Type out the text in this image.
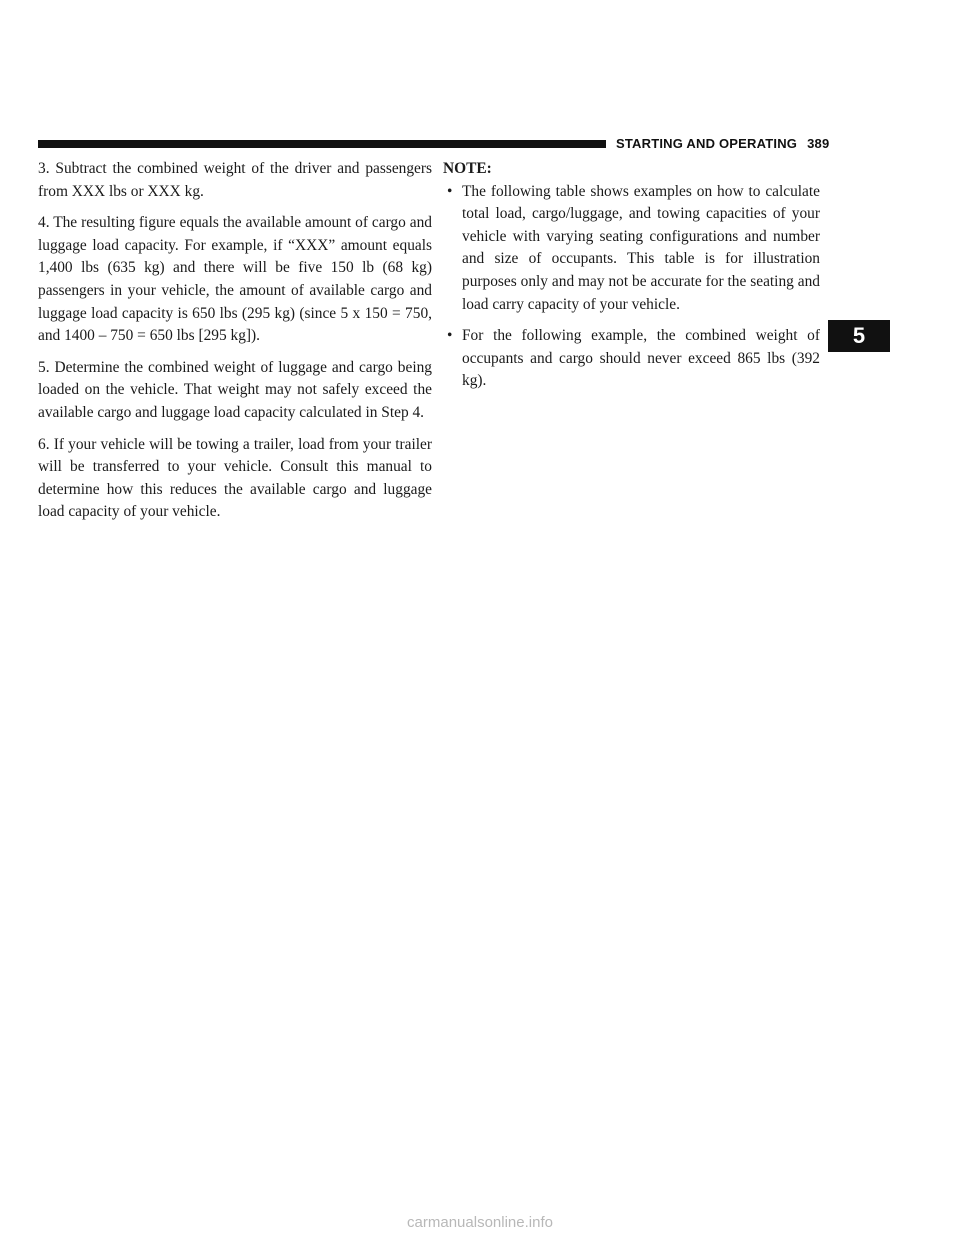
STARTING AND OPERATING 389
5

3. Subtract the combined weight of the driver and passengers from XXX lbs or XXX kg.

4. The resulting figure equals the available amount of cargo and luggage load capacity. For example, if “XXX” amount equals 1,400 lbs (635 kg) and there will be five 150 lb (68 kg) passengers in your vehicle, the amount of available cargo and luggage load capacity is 650 lbs (295 kg) (since 5 x 150 = 750, and 1400 – 750 = 650 lbs [295 kg]).

5. Determine the combined weight of luggage and cargo being loaded on the vehicle. That weight may not safely exceed the available cargo and luggage load capacity calculated in Step 4.

6. If your vehicle will be towing a trailer, load from your trailer will be transferred to your vehicle. Consult this manual to determine how this reduces the available cargo and luggage load capacity of your vehicle.

NOTE:

• The following table shows examples on how to calculate total load, cargo/luggage, and towing capacities of your vehicle with varying seating configurations and number and size of occupants. This table is for illustration purposes only and may not be accurate for the seating and load carry capacity of your vehicle.
• For the following example, the combined weight of occupants and cargo should never exceed 865 lbs (392 kg).
carmanualsonline.info
